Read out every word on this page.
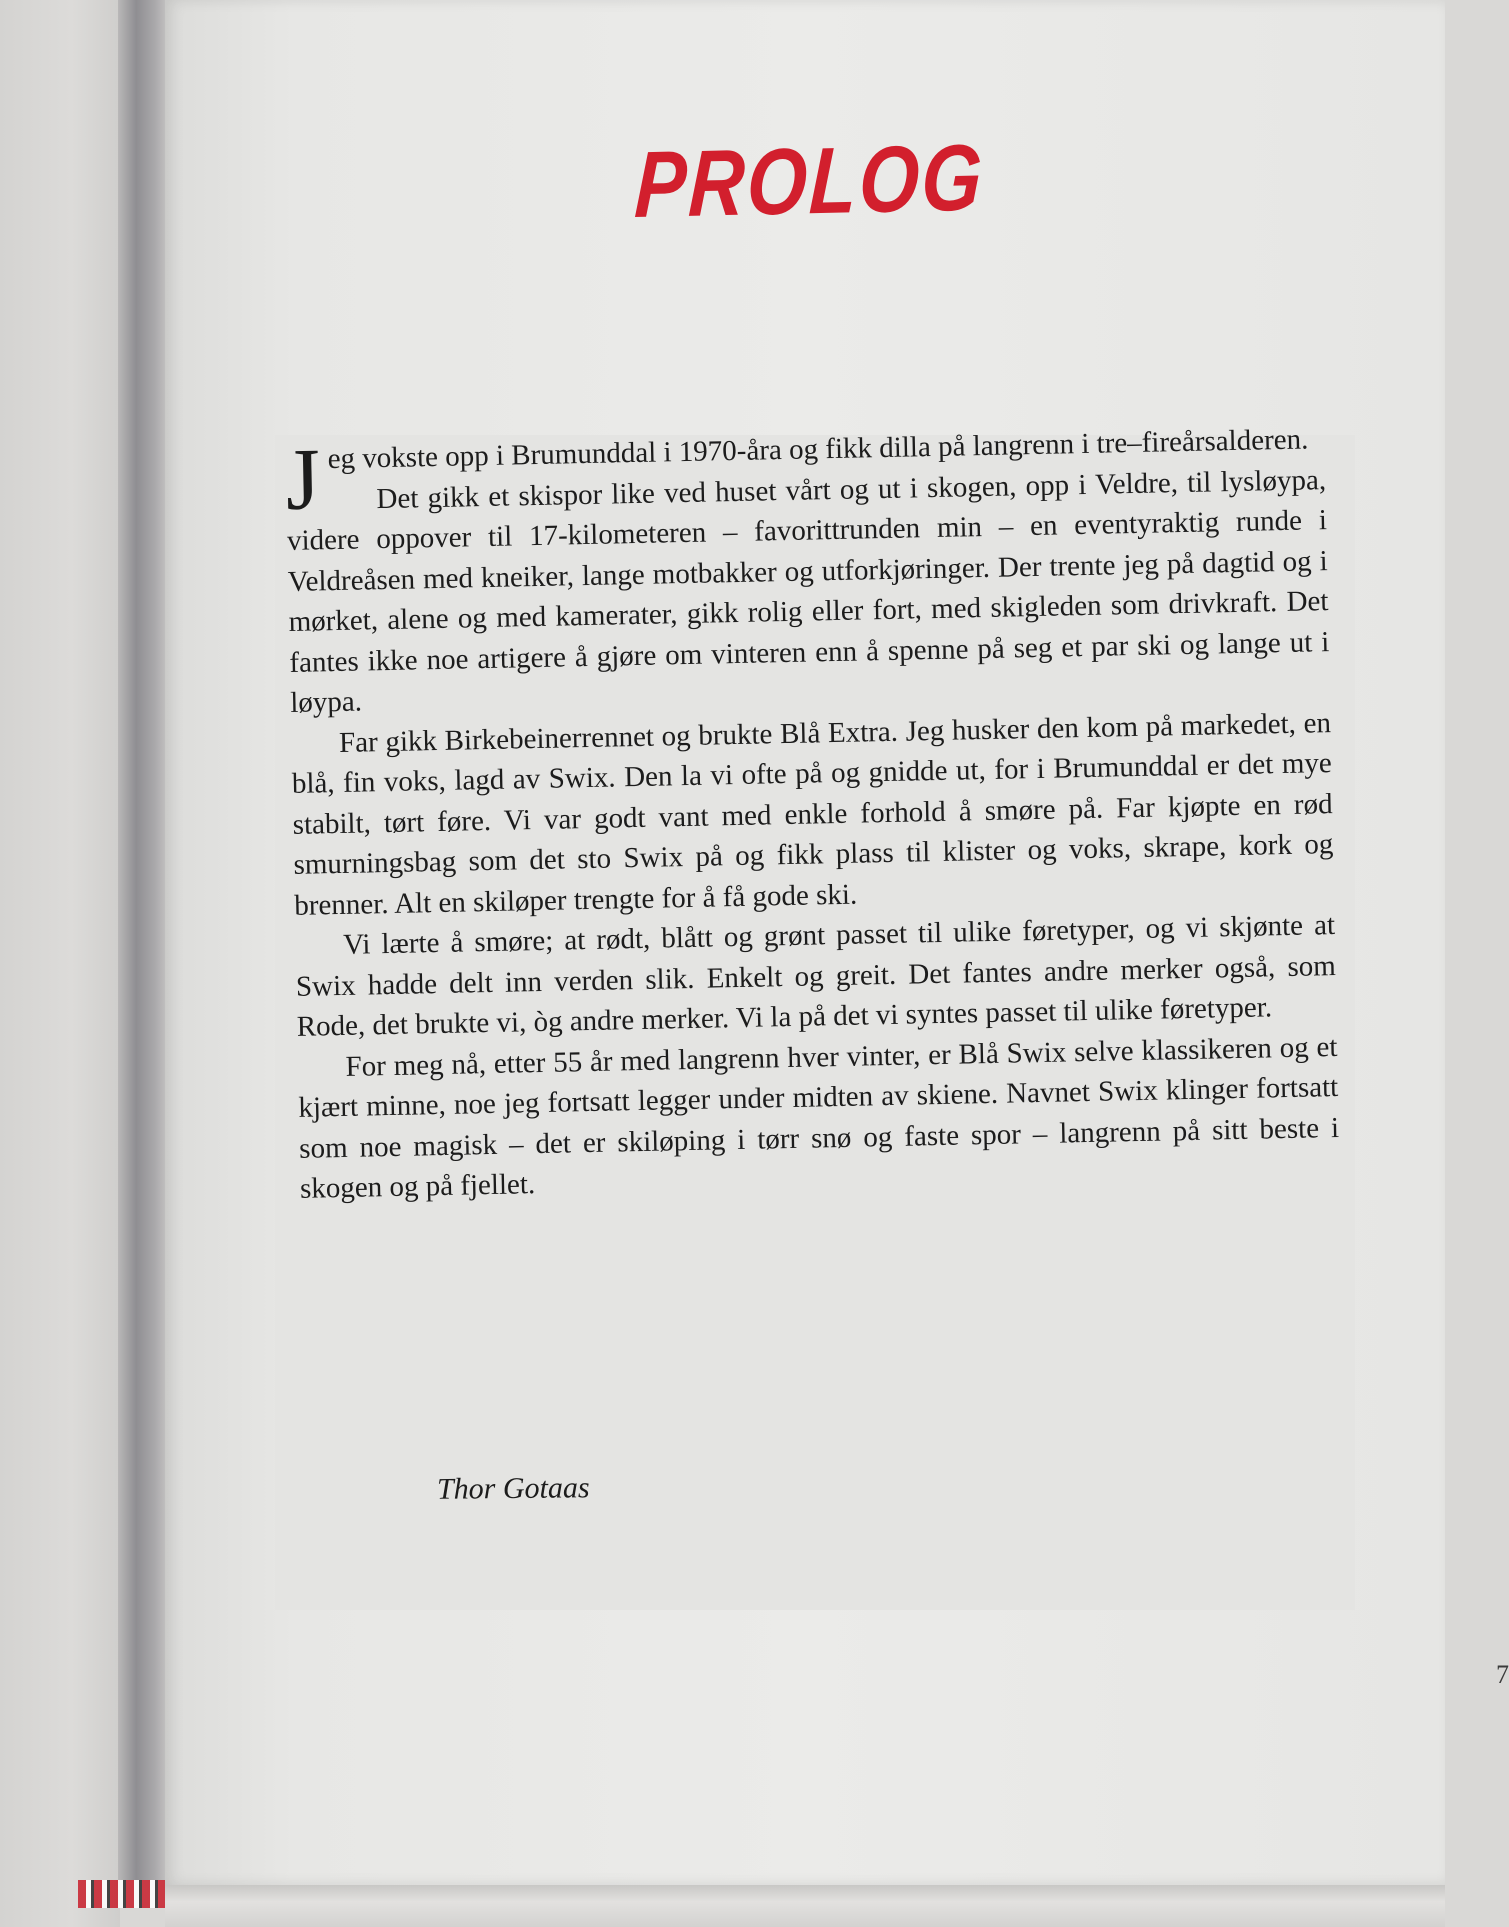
PROLOG

J eg vokste opp i Brumunddal i 1970-åra og fikk dilla på langrenn i tre–fireårsalderen.

Det gikk et skispor like ved huset vårt og ut i skogen, opp i Veldre, til lysløypa, videre oppover til 17-kilometeren – favorittrunden min – en eventyraktig runde i Veldreåsen med kneiker, lange motbakker og utforkjøringer. Der trente jeg på dagtid og i mørket, alene og med kamerater, gikk rolig eller fort, med skigleden som drivkraft. Det fantes ikke noe artigere å gjøre om vinteren enn å spenne på seg et par ski og lange ut i løypa.

Far gikk Birkebeinerrennet og brukte Blå Extra. Jeg husker den kom på markedet, en blå, fin voks, lagd av Swix. Den la vi ofte på og gnidde ut, for i Brumunddal er det mye stabilt, tørt føre. Vi var godt vant med enkle forhold å smøre på. Far kjøpte en rød smurningsbag som det sto Swix på og fikk plass til klister og voks, skrape, kork og brenner. Alt en skiløper trengte for å få gode ski.

Vi lærte å smøre; at rødt, blått og grønt passet til ulike føretyper, og vi skjønte at Swix hadde delt inn verden slik. Enkelt og greit. Det fantes andre merker også, som Rode, det brukte vi, òg andre merker. Vi la på det vi syntes passet til ulike føretyper.

For meg nå, etter 55 år med langrenn hver vinter, er Blå Swix selve klassikeren og et kjært minne, noe jeg fortsatt legger under midten av skiene. Navnet Swix klinger fortsatt som noe magisk – det er skiløping i tørr snø og faste spor – langrenn på sitt beste i skogen og på fjellet.

Thor Gotaas
7
